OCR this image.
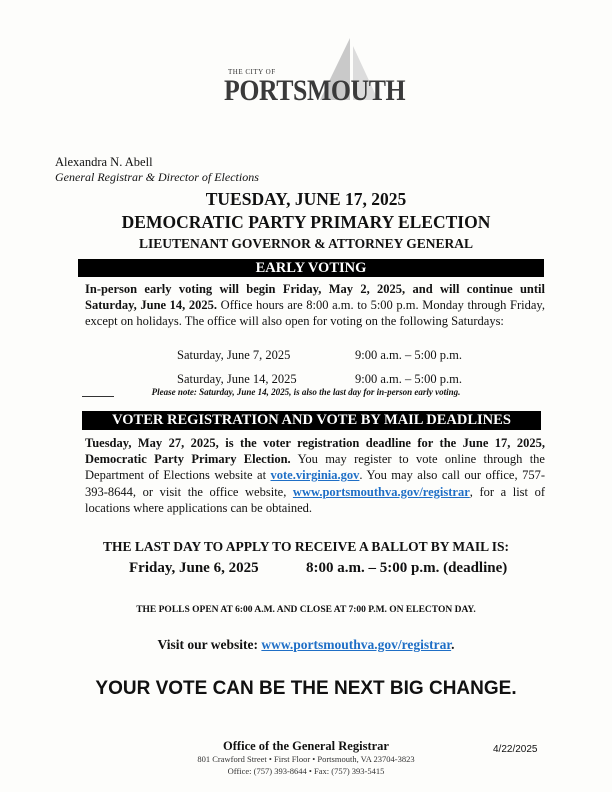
THE CITY OF
PORTSMOUTH
Alexandra N. Abell
General Registrar & Director of Elections
TUESDAY, JUNE 17, 2025
DEMOCRATIC PARTY PRIMARY ELECTION
LIEUTENANT GOVERNOR & ATTORNEY GENERAL
EARLY VOTING
In-person early voting will begin Friday, May 2, 2025, and will continue until Saturday, June 14, 2025. Office hours are 8:00 a.m. to 5:00 p.m. Monday through Friday, except on holidays. The office will also open for voting on the following Saturdays:
Saturday, June 7, 2025	9:00 a.m. – 5:00 p.m.
Saturday, June 14, 2025	9:00 a.m. – 5:00 p.m.
Please note: Saturday, June 14, 2025, is also the last day for in-person early voting.
VOTER REGISTRATION AND VOTE BY MAIL DEADLINES
Tuesday, May 27, 2025, is the voter registration deadline for the June 17, 2025, Democratic Party Primary Election. You may register to vote online through the Department of Elections website at vote.virginia.gov. You may also call our office, 757-393-8644, or visit the office website, www.portsmouthva.gov/registrar, for a list of locations where applications can be obtained.
THE LAST DAY TO APPLY TO RECEIVE A BALLOT BY MAIL IS:
Friday, June 6, 2025	8:00 a.m. – 5:00 p.m. (deadline)
THE POLLS OPEN AT 6:00 A.M. AND CLOSE AT 7:00 P.M. ON ELECTON DAY.
Visit our website: www.portsmouthva.gov/registrar.
YOUR VOTE CAN BE THE NEXT BIG CHANGE.
Office of the General Registrar
801 Crawford Street • First Floor • Portsmouth, VA 23704-3823
Office: (757) 393-8644 • Fax: (757) 393-5415
4/22/2025
